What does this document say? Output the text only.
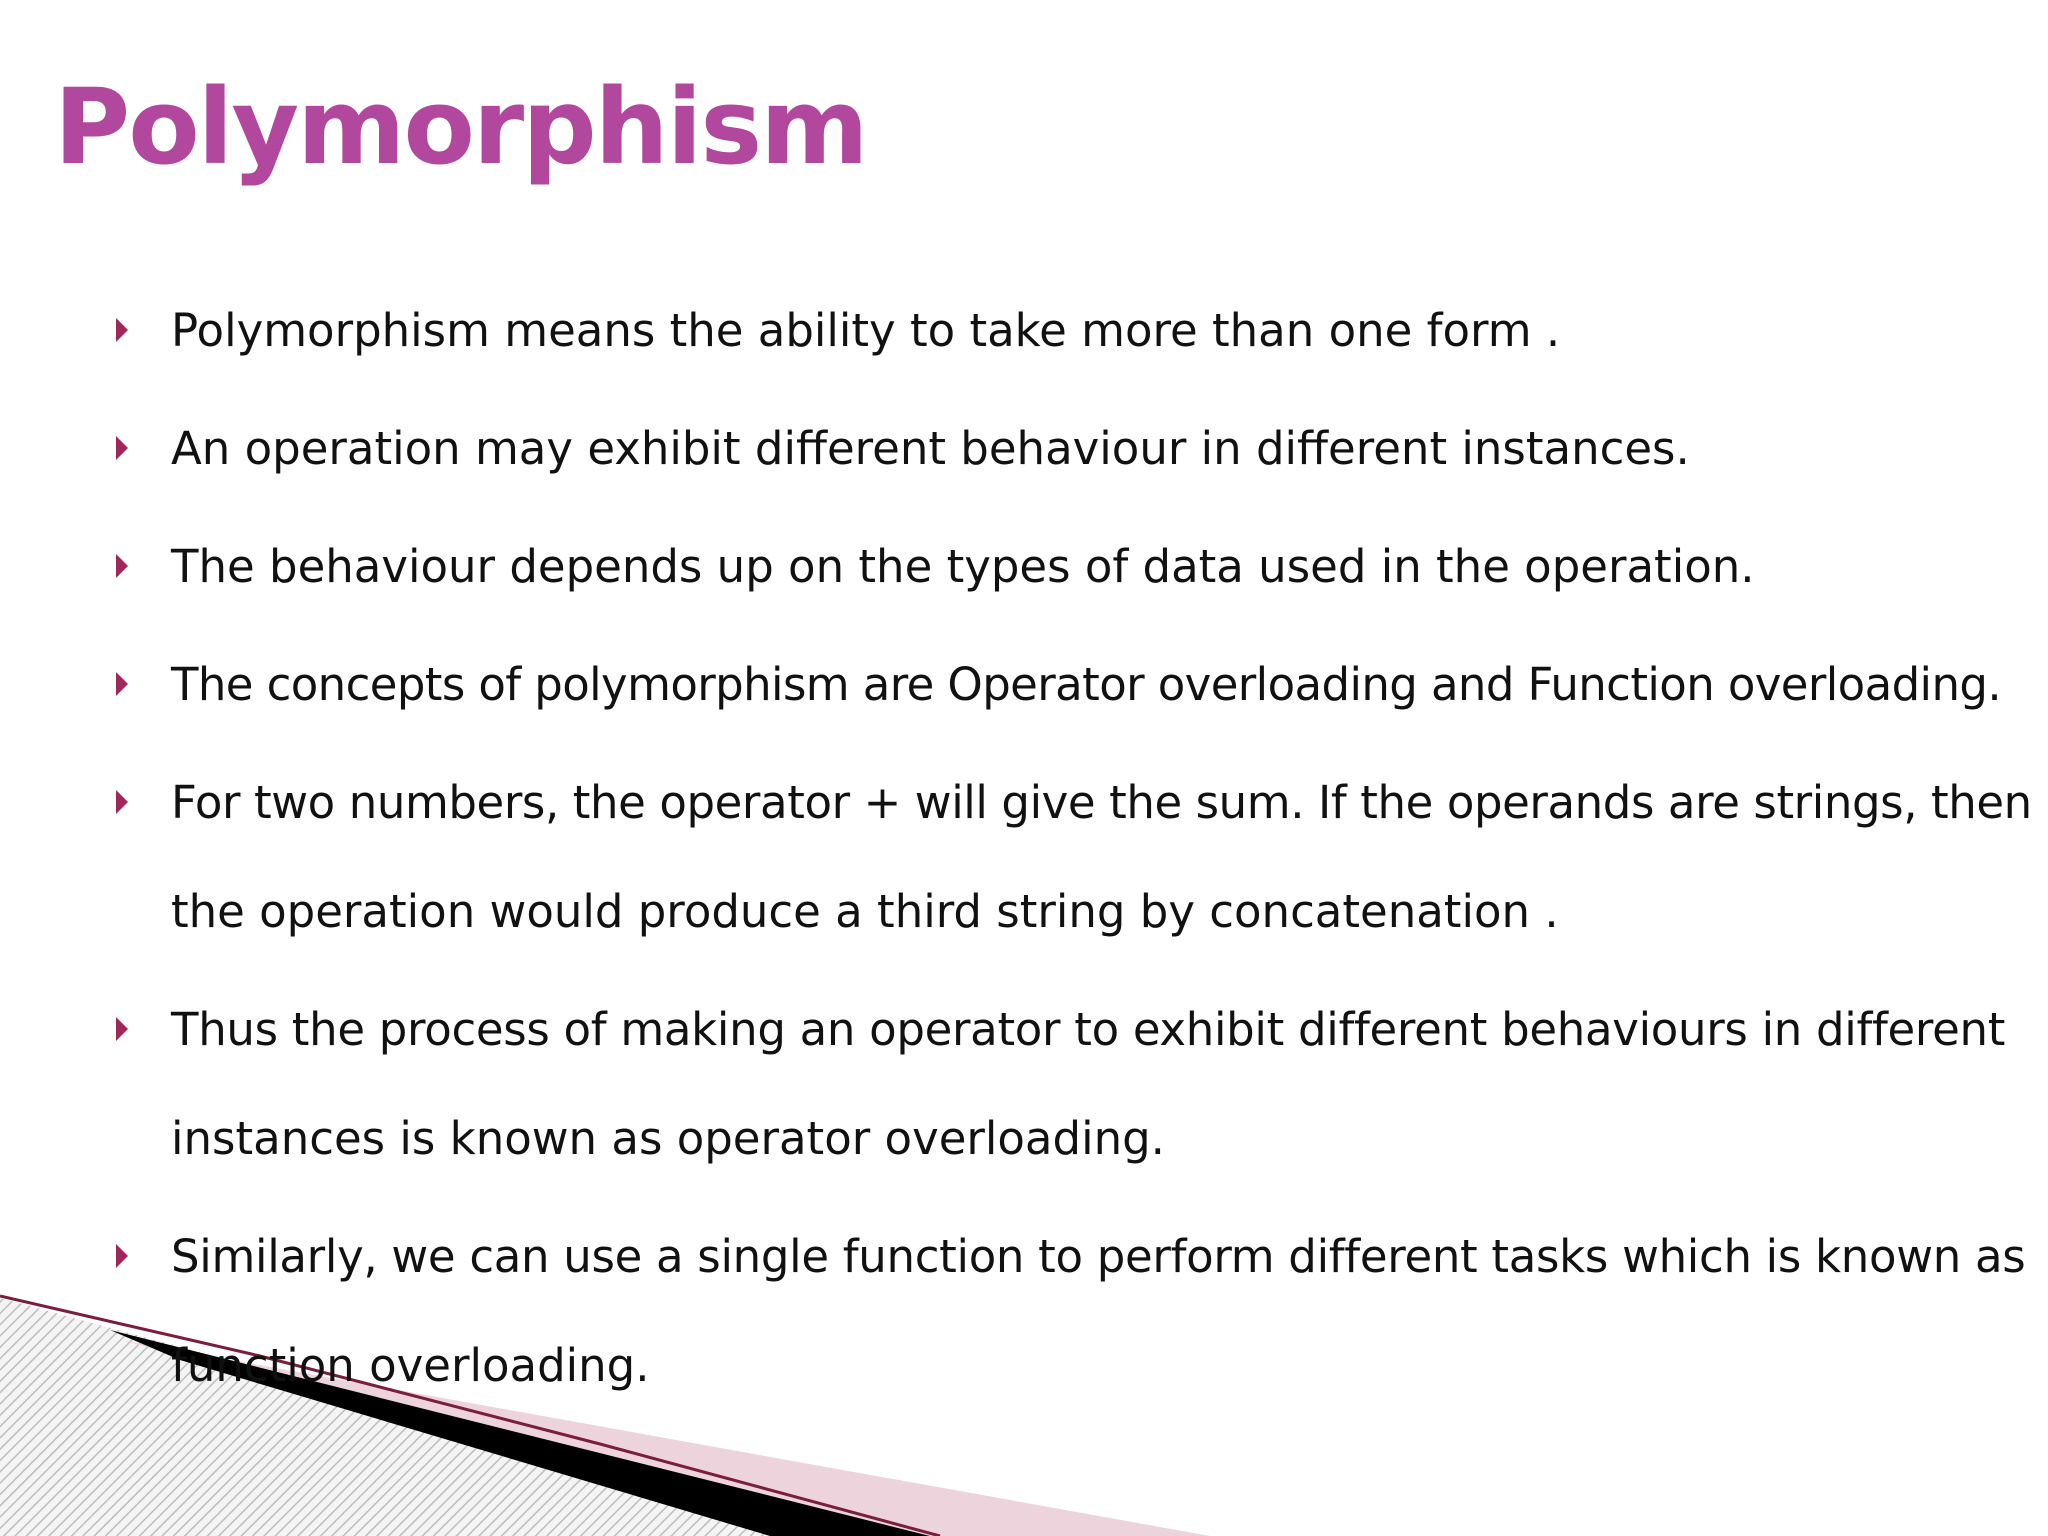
Polymorphism
Polymorphism means the ability to take more than one form .
An operation may exhibit different behaviour in different instances.
The behaviour depends up on the types of data used in the operation.
The concepts of polymorphism are Operator overloading and Function overloading.
For two numbers, the operator + will give the sum. If the operands are strings, then
the operation would produce a third string by concatenation .
Thus the process of making an operator to exhibit different behaviours in different
instances is known as operator overloading.
Similarly, we can use a single function to perform different tasks which is known as
function overloading.
